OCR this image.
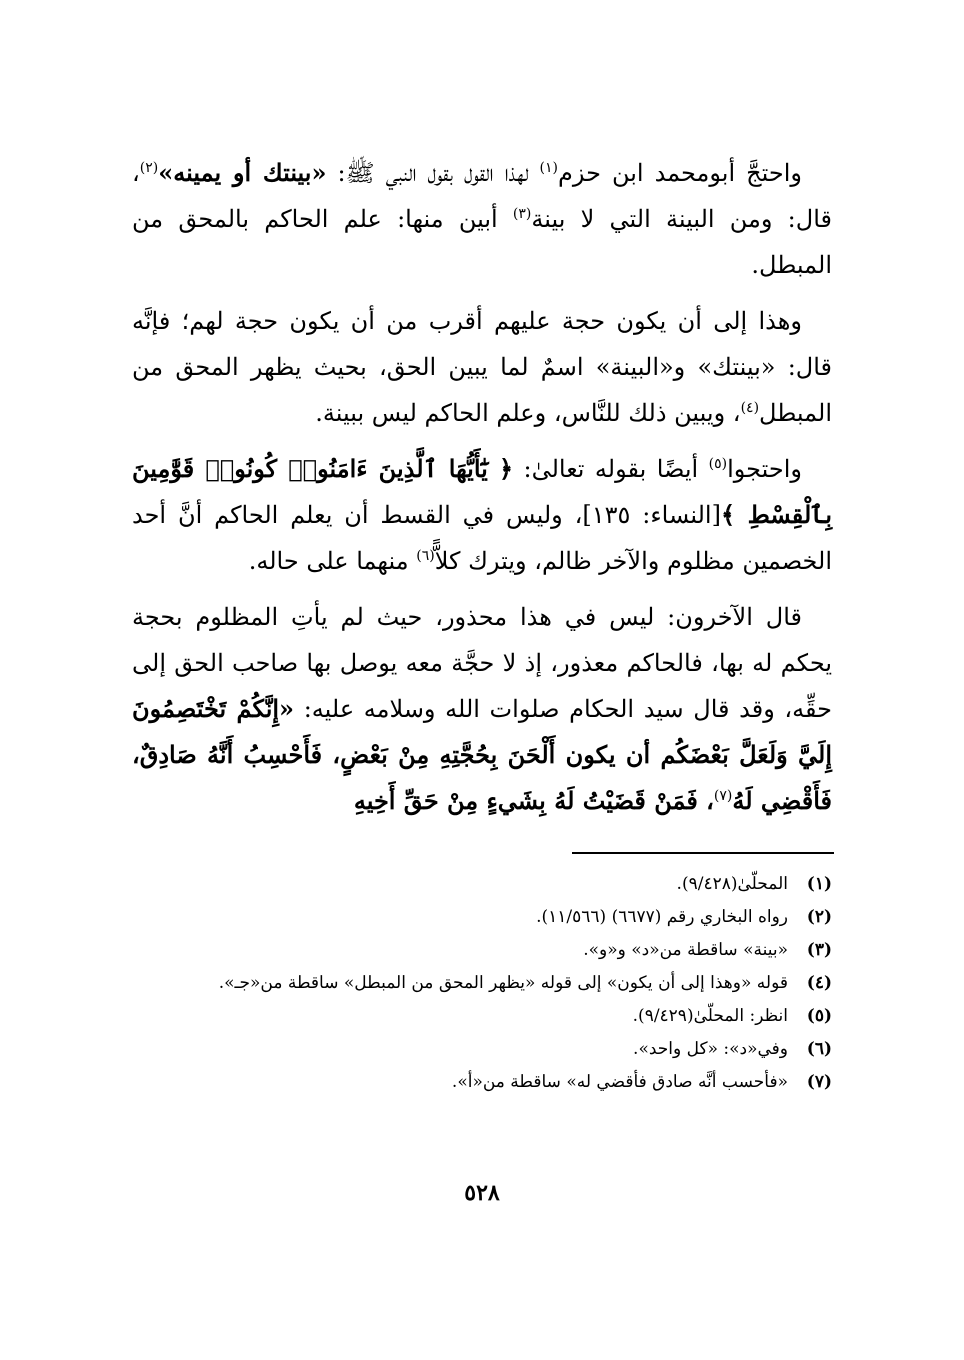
واحتجَّ أبومحمد ابن حزم$^{(١)}$ لهذا القول بقول النبي ﷺ: «بينتك أو يمينه»$^{(٢)}$، قال: ومن البينة التي لا بينة$^{(٣)}$ أبين منها: علم الحاكم بالمحق من المبطل.

وهذا إلى أن يكون حجة عليهم أقرب من أن يكون حجة لهم؛ فإنَّه قال: «بينتك» و«البينة» اسمٌ لما يبين الحق، بحيث يظهر المحق من المبطل$^{(٤)}$، ويبين ذلك للنَّاس، وعلم الحاكم ليس ببينة.

واحتجوا$^{(٥)}$ أيضًا بقوله تعالىٰ: ﴿ يَٰٓأَيُّهَا ٱلَّذِينَ ءَامَنُوا۟ كُونُوا۟ قَوَّٰمِينَ بِٱلْقِسْطِ ﴾[النساء: ١٣٥]، وليس في القسط أن يعلم الحاكم أنَّ أحد الخصمين مظلوم والآخر ظالم، ويترك كلاًّ$^{(٦)}$ منهما على حاله.

قال الآخرون: ليس في هذا محذور، حيث لم يأتِ المظلوم بحجة يحكم له بها، فالحاكم معذور، إذ لا حجَّة معه يوصل بها صاحب الحق إلى حقِّه، وقد قال سيد الحكام صلوات الله وسلامه عليه: «إِنَّكُمْ تَخْتَصِمُونَ إِلَيَّ وَلَعَلَّ بَعْضَكُم أن يكون أَلْحَنَ بِحُجَّتِهِ مِنْ بَعْضٍ، فَأَحْسِبُ أَنَّهُ صَادِقٌ، فَأَقْضِي لَهُ$^{(٧)}$، فَمَنْ قَضَيْتُ لَهُ بِشَيءٍ مِنْ حَقِّ أَخِيهِ

(١)
المحلّىٰ(٩/٤٢٨).
(٢)
رواه البخاري رقم (٦٦٧٧) (١١/٥٦٦).
(٣)
«بينة» ساقطة من«د» و«و».
(٤)
قوله «وهذا إلى أن يكون» إلى قوله «يظهر المحق من المبطل» ساقطة من«جـ».
(٥)
انظر: المحلّىٰ(٩/٤٢٩).
(٦)
وفي«د»: «كل واحد».
(٧)
«فأحسب أنَّه صادق فأقضي له» ساقطة من«أ».
٥٢٨
